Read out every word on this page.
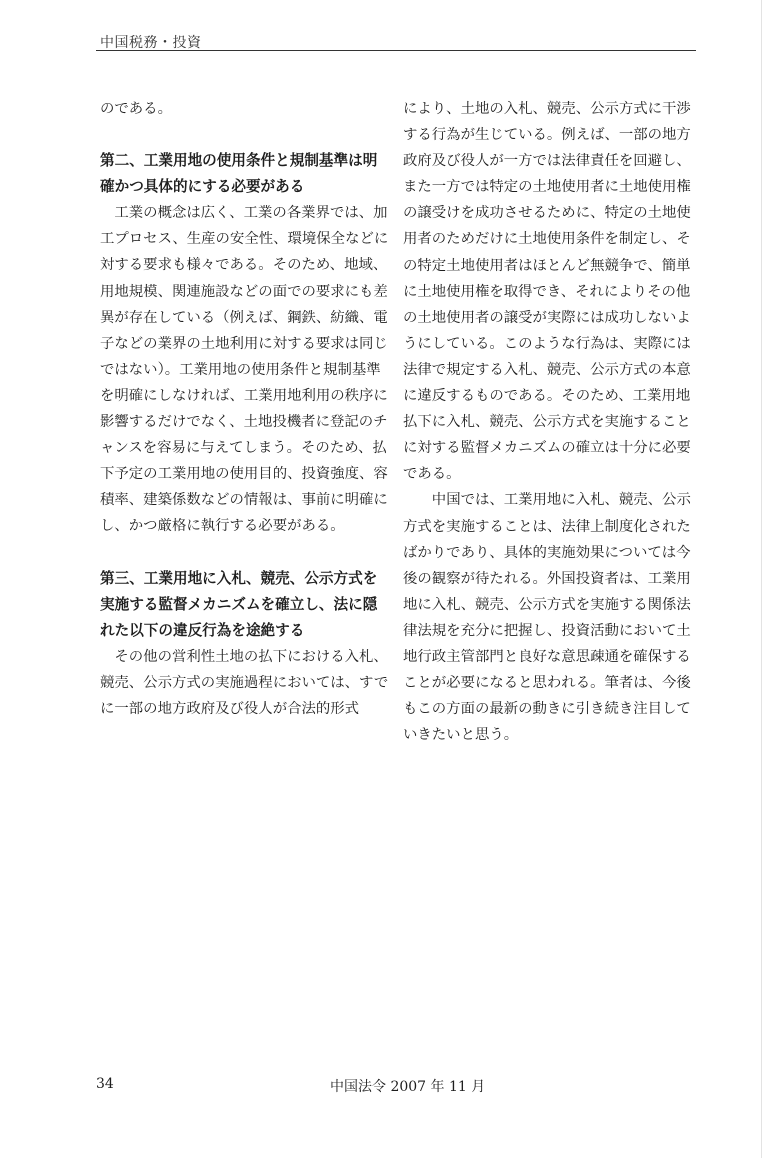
中国税務・投資

のである。

第二、工業用地の使用条件と規制基準は明
確かつ具体的にする必要がある

工業の概念は広く、工業の各業界では、加工プロセス、生産の安全性、環境保全などに対する要求も様々である。そのため、地域、用地規模、関連施設などの面での要求にも差異が存在している（例えば、鋼鉄、紡織、電子などの業界の土地利用に対する要求は同じではない）。工業用地の使用条件と規制基準を明確にしなければ、工業用地利用の秩序に影響するだけでなく、土地投機者に登記のチャンスを容易に与えてしまう。そのため、払下予定の工業用地の使用目的、投資強度、容積率、建築係数などの情報は、事前に明確にし、かつ厳格に執行する必要がある。

第三、工業用地に入札、競売、公示方式を
実施する監督メカニズムを確立し、法に隠
れた以下の違反行為を途絶する

その他の営利性土地の払下における入札、競売、公示方式の実施過程においては、すでに一部の地方政府及び役人が合法的形式

により、土地の入札、競売、公示方式に干渉する行為が生じている。例えば、一部の地方政府及び役人が一方では法律責任を回避し、また一方では特定の土地使用者に土地使用権の譲受けを成功させるために、特定の土地使用者のためだけに土地使用条件を制定し、その特定土地使用者はほとんど無競争で、簡単に土地使用権を取得でき、それによりその他の土地使用者の譲受が実際には成功しないようにしている。このような行為は、実際には法律で規定する入札、競売、公示方式の本意に違反するものである。そのため、工業用地払下に入札、競売、公示方式を実施することに対する監督メカニズムの確立は十分に必要である。

中国では、工業用地に入札、競売、公示方式を実施することは、法律上制度化されたばかりであり、具体的実施効果については今後の観察が待たれる。外国投資者は、工業用地に入札、競売、公示方式を実施する関係法律法規を充分に把握し、投資活動において土地行政主管部門と良好な意思疎通を確保することが必要になると思われる。筆者は、今後もこの方面の最新の動きに引き続き注目していきたいと思う。

34	中国法令 2007 年 11 月
